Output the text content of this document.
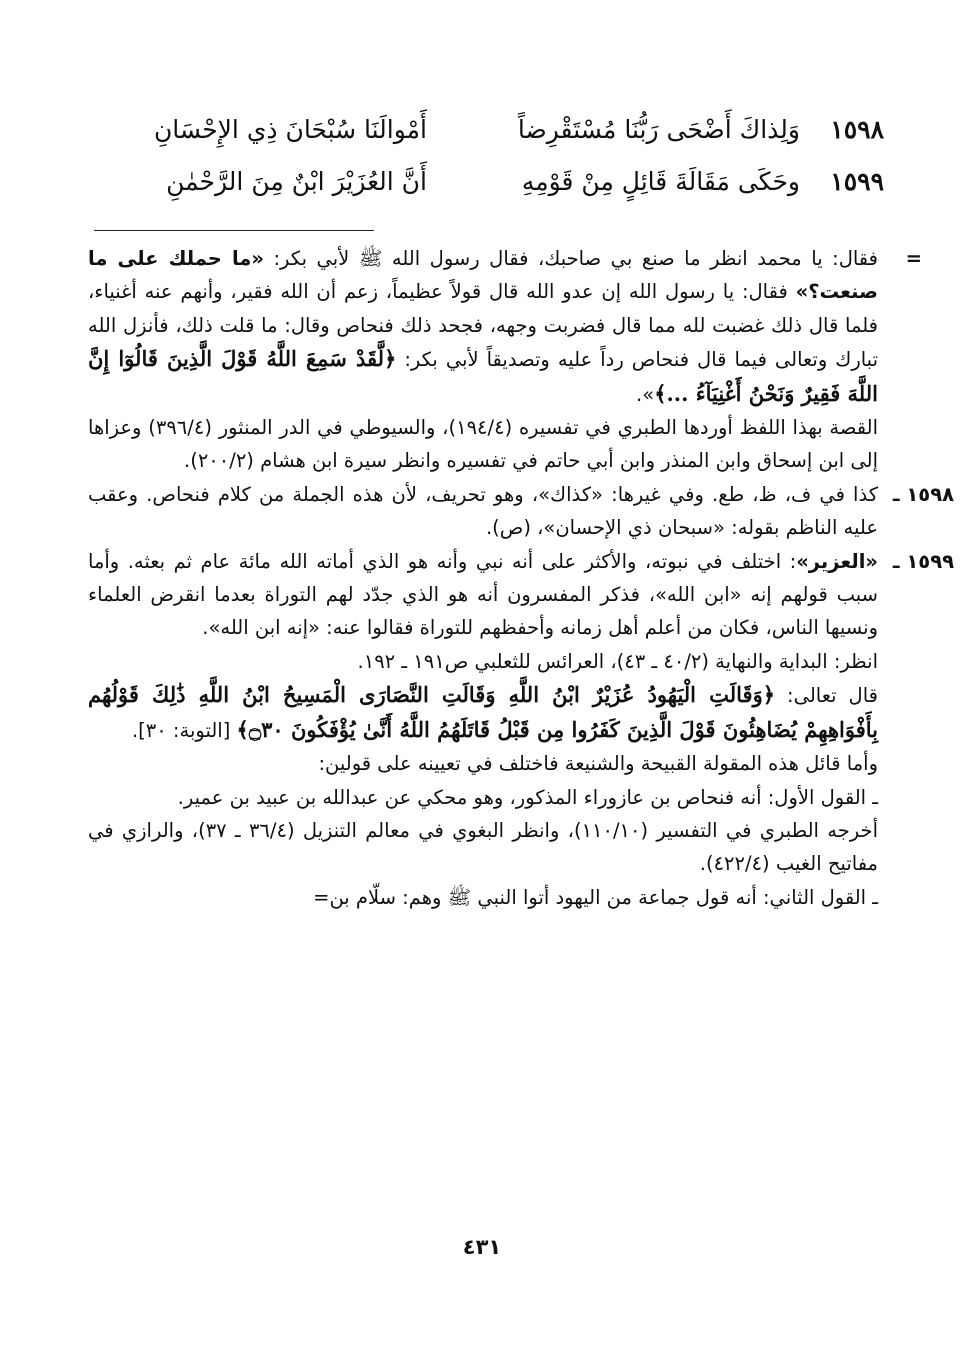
١٥٩٨
وَلِذاكَ أَضْحَى رَبُّنَا مُسْتَقْرِضاً
أَمْوالَنَا سُبْحَانَ ذِي الإِحْسَانِ
١٥٩٩
وحَكَى مَقَالَةَ قَائِلٍ مِنْ قَوْمِهِ
أَنَّ العُزَيْرَ ابْنٌ مِنَ الرَّحْمٰنِ
=
فقال: يا محمد انظر ما صنع بي صاحبك، فقال رسول الله ﷺ لأبي بكر: «ما حملك على ما صنعت؟» فقال: يا رسول الله إن عدو الله قال قولاً عظيماً، زعم أن الله فقير، وأنهم عنه أغنياء، فلما قال ذلك غضبت لله مما قال فضربت وجهه، فجحد ذلك فنحاص وقال: ما قلت ذلك، فأنزل الله تبارك وتعالى فيما قال فنحاص رداً عليه وتصديقاً لأبي بكر: ﴿لَّقَدْ سَمِعَ اللَّهُ قَوْلَ الَّذِينَ قَالُوٓا إِنَّ اللَّهَ فَقِيرٌ وَنَحْنُ أَغْنِيَآءُ ...﴾».
القصة بهذا اللفظ أوردها الطبري في تفسيره (١٩٤/٤)، والسيوطي في الدر المنثور (٣٩٦/٤) وعزاها إلى ابن إسحاق وابن المنذر وابن أبي حاتم في تفسيره وانظر سيرة ابن هشام (٢٠٠/٢).
١٥٩٨ ـ
كذا في ف، ظ، طع. وفي غيرها: «كذاك»، وهو تحريف، لأن هذه الجملة من كلام فنحاص. وعقب عليه الناظم بقوله: «سبحان ذي الإحسان»، (ص).
١٥٩٩ ـ
«العزير»: اختلف في نبوته، والأكثر على أنه نبي وأنه هو الذي أماته الله مائة عام ثم بعثه. وأما سبب قولهم إنه «ابن الله»، فذكر المفسرون أنه هو الذي جدّد لهم التوراة بعدما انقرض العلماء ونسيها الناس، فكان من أعلم أهل زمانه وأحفظهم للتوراة فقالوا عنه: «إنه ابن الله».
انظر: البداية والنهاية (٤٠/٢ ـ ٤٣)، العرائس للثعلبي ص١٩١ ـ ١٩٢.
قال تعالى: ﴿وَقَالَتِ الْيَهُودُ عُزَيْرٌ ابْنُ اللَّهِ وَقَالَتِ النَّصَارَى الْمَسِيحُ ابْنُ اللَّهِ ذَٰلِكَ قَوْلُهُم بِأَفْوَاهِهِمْ يُضَاهِئُونَ قَوْلَ الَّذِينَ كَفَرُوا مِن قَبْلُ قَاتَلَهُمُ اللَّهُ أَنَّىٰ يُؤْفَكُونَ ۝٣٠﴾ [التوبة: ٣٠].
وأما قائل هذه المقولة القبيحة والشنيعة فاختلف في تعيينه على قولين:
ـ القول الأول: أنه فنحاص بن عازوراء المذكور، وهو محكي عن عبدالله بن عبيد بن عمير.
أخرجه الطبري في التفسير (١١٠/١٠)، وانظر البغوي في معالم التنزيل (٣٦/٤ ـ ٣٧)، والرازي في مفاتيح الغيب (٤٢٢/٤).
ـ القول الثاني: أنه قول جماعة من اليهود أتوا النبي ﷺ وهم: سلّام بن=
٤٣١
